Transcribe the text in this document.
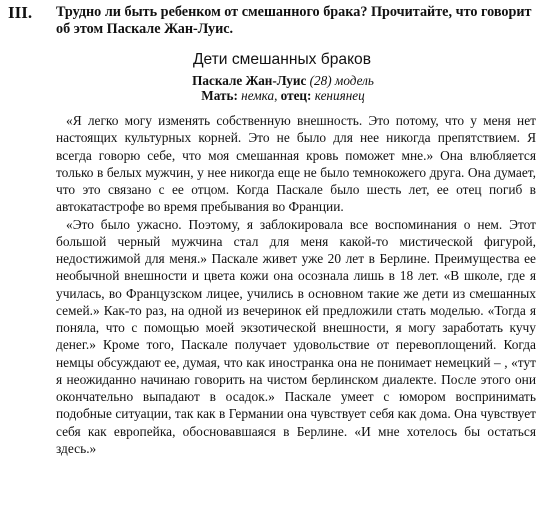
III.	Трудно ли быть ребенком от смешанного брака? Прочитайте, что говорит об этом Паскале Жан-Луис.
Дети смешанных браков
Паскале Жан-Луис (28) модель
Мать: немка, отец: кениянец

«Я легко могу изменять собственную внешность. Это потому, что у меня нет настоящих культурных корней. Это не было для нее никогда препятствием. Я всегда говорю себе, что моя смешанная кровь поможет мне.» Она влюбляется только в белых мужчин, у нее никогда еще не было темнокожего друга. Она думает, что это связано с ее отцом. Когда Паскале было шесть лет, ее отец погиб в автокатастрофе во время пребывания во Франции.

«Это было ужасно. Поэтому, я заблокировала все воспоминания о нем. Этот большой черный мужчина стал для меня какой-то мистической фигурой, недостижимой для меня.» Паскале живет уже 20 лет в Берлине. Преимущества ее необычной внешности и цвета кожи она осознала лишь в 18 лет. «В школе, где я училась, во Французском лицее, учились в основном такие же дети из смешанных семей.» Как-то раз, на одной из вечеринок ей предложили стать моделью. «Тогда я поняла, что с помощью моей экзотической внешности, я могу заработать кучу денег.» Кроме того, Паскале получает удовольствие от перевоплощений. Когда немцы обсуждают ее, думая, что как иностранка она не понимает немецкий – , «тут я неожиданно начинаю говорить на чистом берлинском диалекте. После этого они окончательно выпадают в осадок.» Паскале умеет с юмором воспринимать подобные ситуации, так как в Германии она чувствует себя как дома. Она чувствует себя как европейка, обосновавшаяся в Берлине. «И мне хотелось бы остаться здесь.»
